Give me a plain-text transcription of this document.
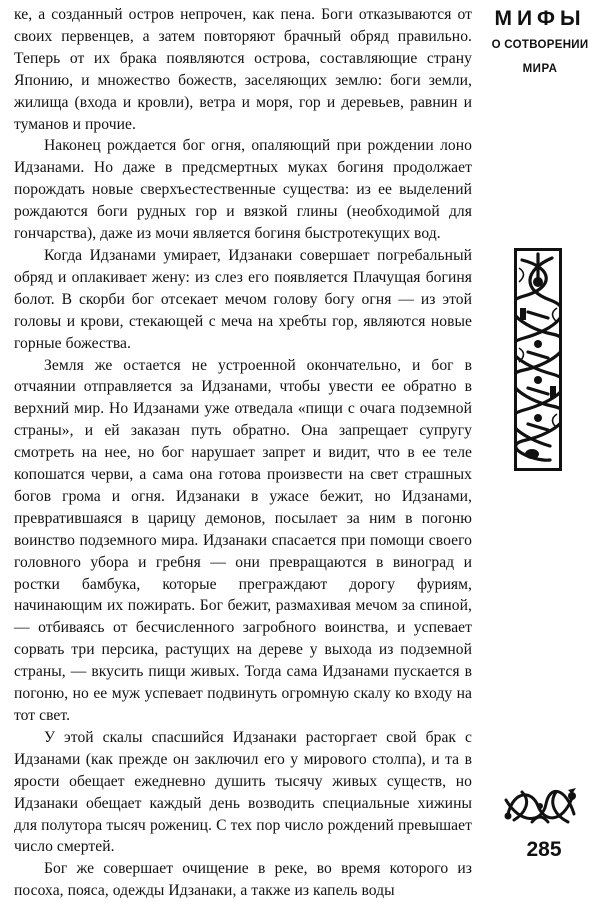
ке, а созданный остров непрочен, как пена. Боги отказываются от своих первенцев, а затем повторяют брачный обряд правильно. Теперь от их брака появляются острова, составляющие страну Японию, и множество божеств, заселяющих землю: боги земли, жилища (входа и кровли), ветра и моря, гор и деревьев, равнин и туманов и прочие.

Наконец рождается бог огня, опаляющий при рождении лоно Идзанами. Но даже в предсмертных муках богиня продолжает порождать новые сверхъестественные существа: из ее выделений рождаются боги рудных гор и вязкой глины (необходимой для гончарства), даже из мочи является богиня быстротекущих вод.

Когда Идзанами умирает, Идзанаки совершает погребальный обряд и оплакивает жену: из слез его появляется Плачущая богиня болот. В скорби бог отсекает мечом голову богу огня — из этой головы и крови, стекающей с меча на хребты гор, являются новые горные божества.

Земля же остается не устроенной окончательно, и бог в отчаянии отправляется за Идзанами, чтобы увести ее обратно в верхний мир. Но Идзанами уже отведала «пищи с очага подземной страны», и ей заказан путь обратно. Она запрещает супругу смотреть на нее, но бог нарушает запрет и видит, что в ее теле копошатся черви, а сама она готова произвести на свет страшных богов грома и огня. Идзанаки в ужасе бежит, но Идзанами, превратившаяся в царицу демонов, посылает за ним в погоню воинство подземного мира. Идзанаки спасается при помощи своего головного убора и гребня — они превращаются в виноград и ростки бамбука, которые преграждают дорогу фуриям, начинающим их пожирать. Бог бежит, размахивая мечом за спиной, — отбиваясь от бесчисленного загробного воинства, и успевает сорвать три персика, растущих на дереве у выхода из подземной страны, — вкусить пищи живых. Тогда сама Идзанами пускается в погоню, но ее муж успевает подвинуть огромную скалу ко входу на тот свет.

У этой скалы спасшийся Идзанаки расторгает свой брак с Идзанами (как прежде он заключил его у мирового столпа), и та в ярости обещает ежедневно душить тысячу живых существ, но Идзанаки обещает каждый день возводить специальные хижины для полутора тысяч рожениц. С тех пор число рождений превышает число смертей.

Бог же совершает очищение в реке, во время которого из посоха, пояса, одежды Идзанаки, а также из капель воды

МИФЫ
О СОТВОРЕНИИ
МИРА
285
